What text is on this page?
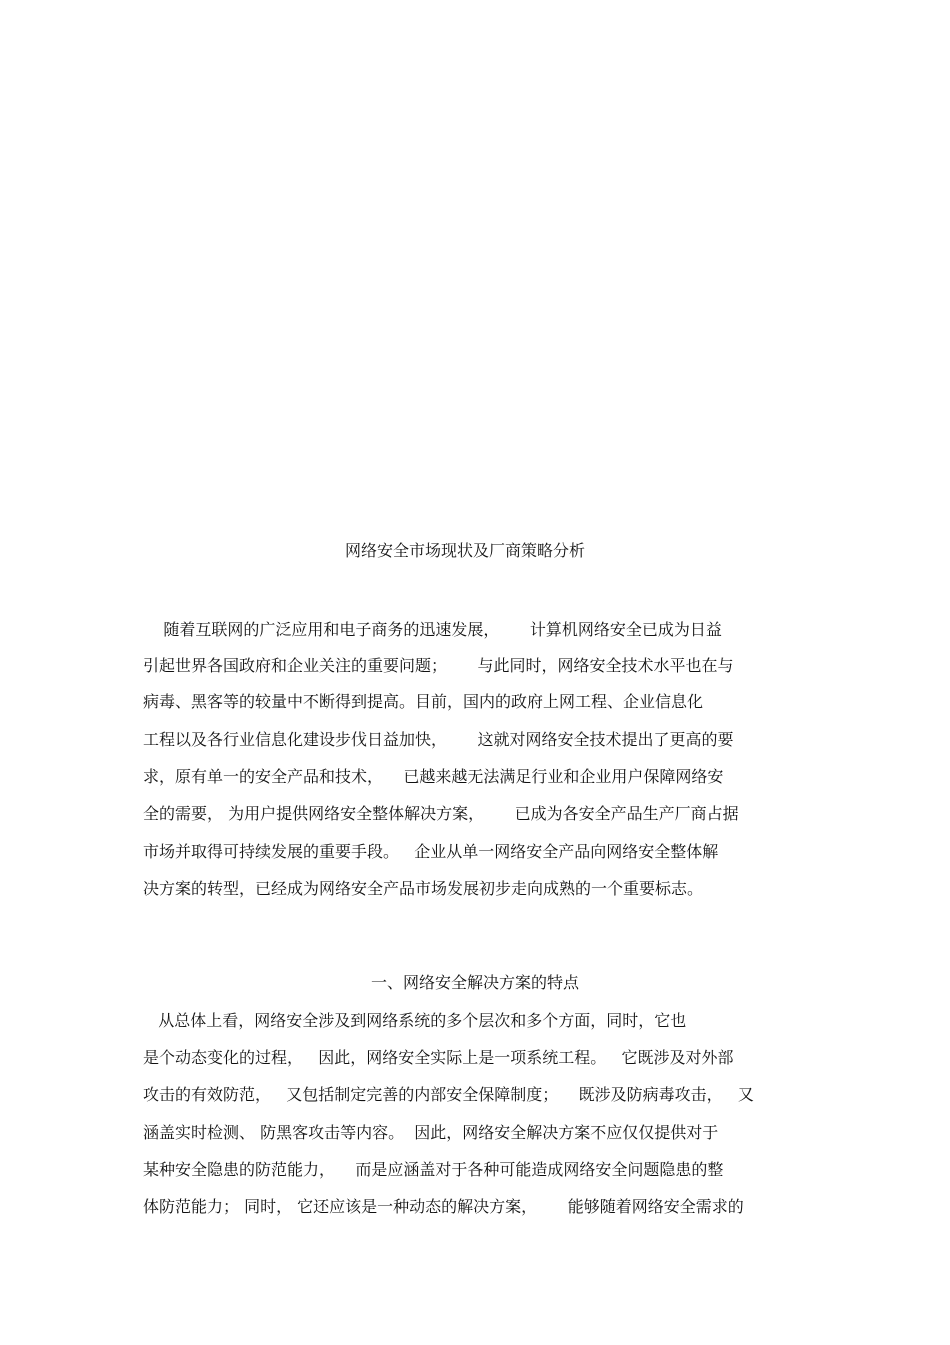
网络安全市场现状及厂商策略分析
随着互联网的广泛应用和电子商务的迅速发展，      计算机网络安全已成为日益
引起世界各国政府和企业关注的重要问题；      与此同时，网络安全技术水平也在与
病毒、黑客等的较量中不断得到提高。目前，国内的政府上网工程、企业信息化
工程以及各行业信息化建设步伐日益加快，      这就对网络安全技术提出了更高的要
求，原有单一的安全产品和技术，    已越来越无法满足行业和企业用户保障网络安
全的需要， 为用户提供网络安全整体解决方案，      已成为各安全产品生产厂商占据
市场并取得可持续发展的重要手段。   企业从单一网络安全产品向网络安全整体解
决方案的转型，已经成为网络安全产品市场发展初步走向成熟的一个重要标志。
一、网络安全解决方案的特点
从总体上看，网络安全涉及到网络系统的多个层次和多个方面，同时，它也
是个动态变化的过程，   因此，网络安全实际上是一项系统工程。   它既涉及对外部
攻击的有效防范，   又包括制定完善的内部安全保障制度；    既涉及防病毒攻击，   又
涵盖实时检测、 防黑客攻击等内容。  因此，网络安全解决方案不应仅仅提供对于
某种安全隐患的防范能力，    而是应涵盖对于各种可能造成网络安全问题隐患的整
体防范能力； 同时， 它还应该是一种动态的解决方案，      能够随着网络安全需求的
